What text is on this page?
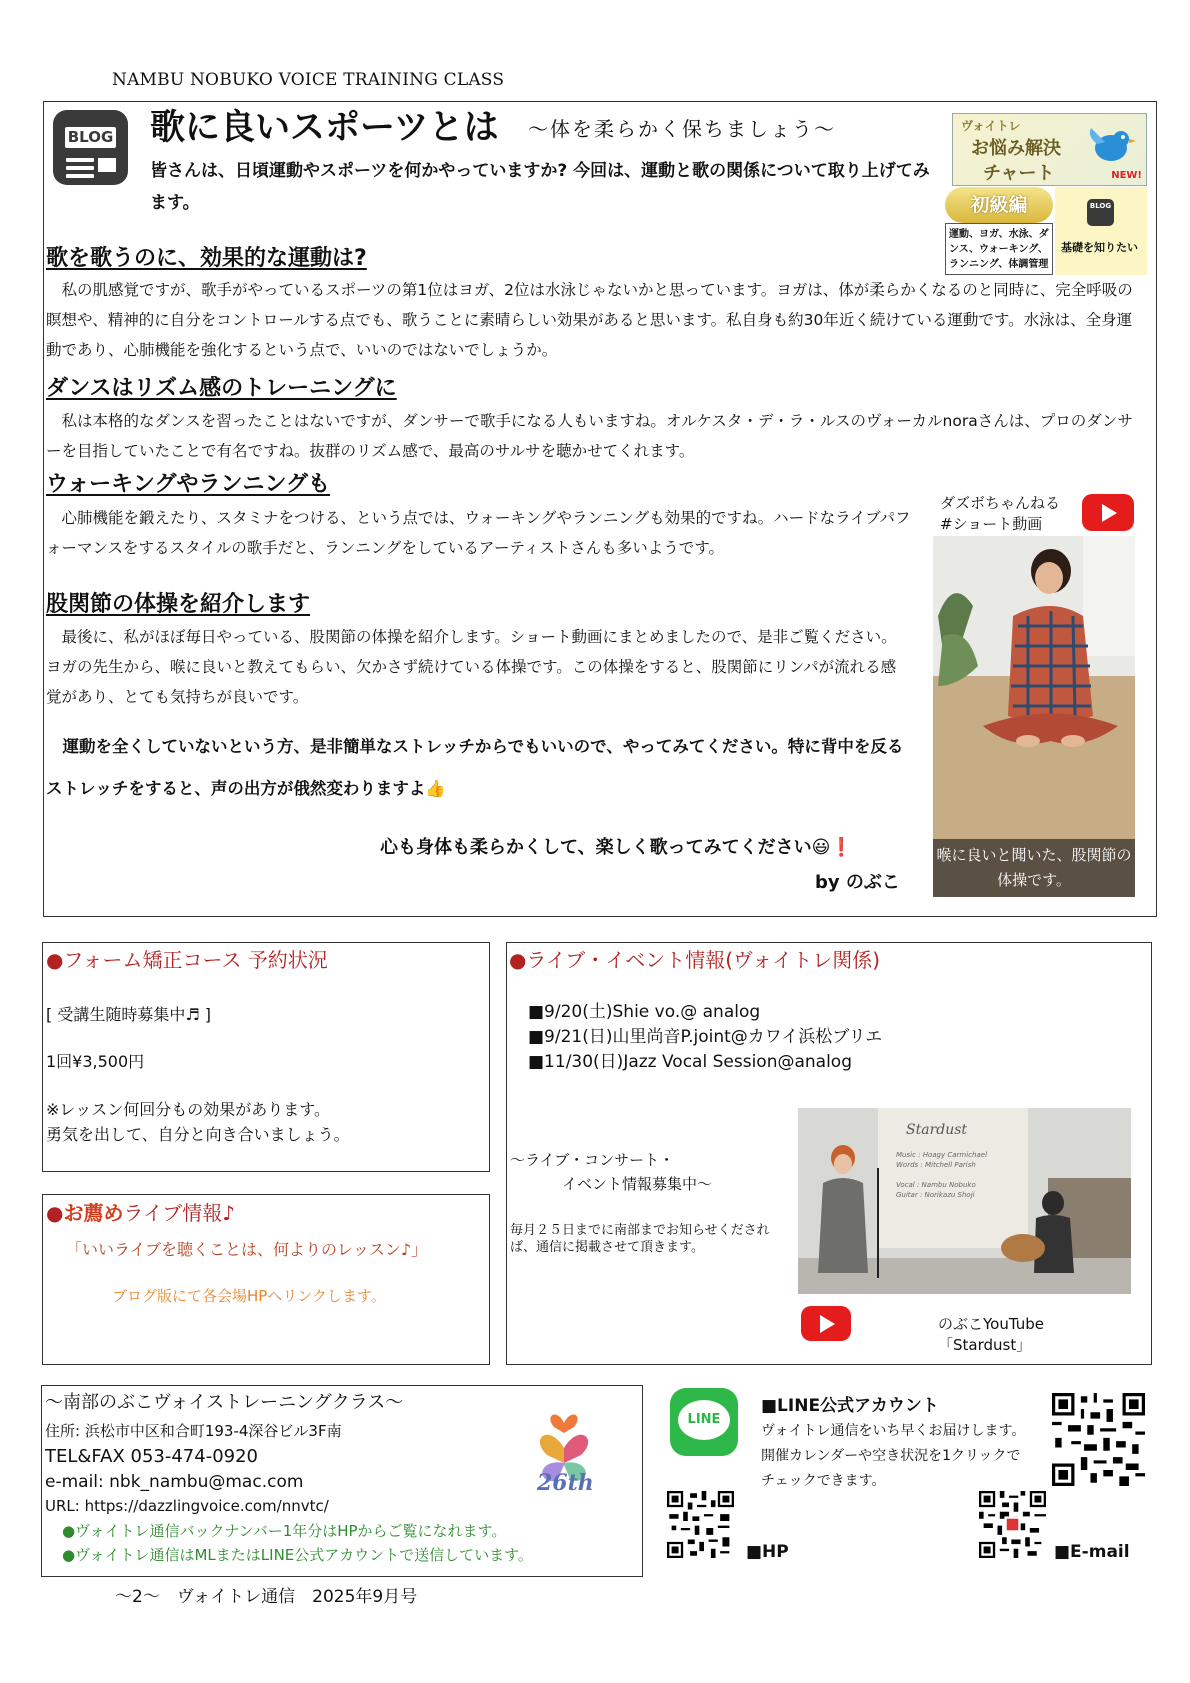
NAMBU NOBUKO VOICE TRAINING CLASS
BLOG 歌に良いスポーツとは 〜体を柔らかく保ちましょう〜
皆さんは、日頃運動やスポーツを何かやっていますか? 今回は、運動と歌の関係について取り上げてみます。
ヴォイトレ
お悩み解決
チャート	NEW!
初級編
運動、ヨガ、水泳、ダンス、ウォーキング、ランニング、体調管理
BLOG
基礎を知りたい
歌を歌うのに、効果的な運動は?
　私の肌感覚ですが、歌手がやっているスポーツの第1位はヨガ、2位は水泳じゃないかと思っています。ヨガは、体が柔らかくなるのと同時に、完全呼吸の瞑想や、精神的に自分をコントロールする点でも、歌うことに素晴らしい効果があると思います。私自身も約30年近く続けている運動です。水泳は、全身運動であり、心肺機能を強化するという点で、いいのではないでしょうか。
ダンスはリズム感のトレーニングに
　私は本格的なダンスを習ったことはないですが、ダンサーで歌手になる人もいますね。オルケスタ・デ・ラ・ルスのヴォーカルnoraさんは、プロのダンサーを目指していたことで有名ですね。抜群のリズム感で、最高のサルサを聴かせてくれます。
ウォーキングやランニングも
　心肺機能を鍛えたり、スタミナをつける、という点では、ウォーキングやランニングも効果的ですね。ハードなライブパフォーマンスをするスタイルの歌手だと、ランニングをしているアーティストさんも多いようです。
股関節の体操を紹介します
　最後に、私がほぼ毎日やっている、股関節の体操を紹介します。ショート動画にまとめましたので、是非ご覧ください。ヨガの先生から、喉に良いと教えてもらい、欠かさず続けている体操です。この体操をすると、股関節にリンパが流れる感覚があり、とても気持ちが良いです。
　運動を全くしていないという方、是非簡単なストレッチからでもいいので、やってみてください。特に背中を反るストレッチをすると、声の出方が俄然変わりますよ👍
心も身体も柔らかくして、楽しく歌ってみてください😃❗
by のぶこ
ダズボちゃんねる
#ショート動画
喉に良いと聞いた、股関節の体操です。
●フォーム矯正コース 予約状況
[ 受講生随時募集中♬ ]
1回¥3,500円
※レッスン何回分もの効果があります。
勇気を出して、自分と向き合いましょう。
●お薦めライブ情報♪
「いいライブを聴くことは、何よりのレッスン♪」
ブログ版にて各会場HPへリンクします。
●ライブ・イベント情報(ヴォイトレ関係)
■9/20(土)Shie vo.@ analog
■9/21(日)山里尚音P.joint@カワイ浜松ブリエ
■11/30(日)Jazz Vocal Session@analog
〜ライブ・コンサート・
イベント情報募集中〜
毎月２５日までに南部までお知らせくだされば、通信に掲載させて頂きます。
Stardust
Music : Hoagy Carmichael
Words : Mitchell Parish
Vocal : Nambu Nobuko
Guitar : Norikazu Shoji
のぶこYouTube
「Stardust」
〜南部のぶこヴォイストレーニングクラス〜
住所: 浜松市中区和合町193-4深谷ビル3F南
TEL&FAX 053-474-0920
e-mail: nbk_nambu@mac.com
URL: https://dazzlingvoice.com/nnvtc/
●ヴォイトレ通信バックナンバー1年分はHPからご覧になれます。
●ヴォイトレ通信はMLまたはLINE公式アカウントで送信しています。
26th
〜2〜　ヴォイトレ通信　2025年9月号
LINE
■LINE公式アカウント
ヴォイトレ通信をいち早くお届けします。開催カレンダーや空き状況を1クリックでチェックできます。
■HP	■E-mail
